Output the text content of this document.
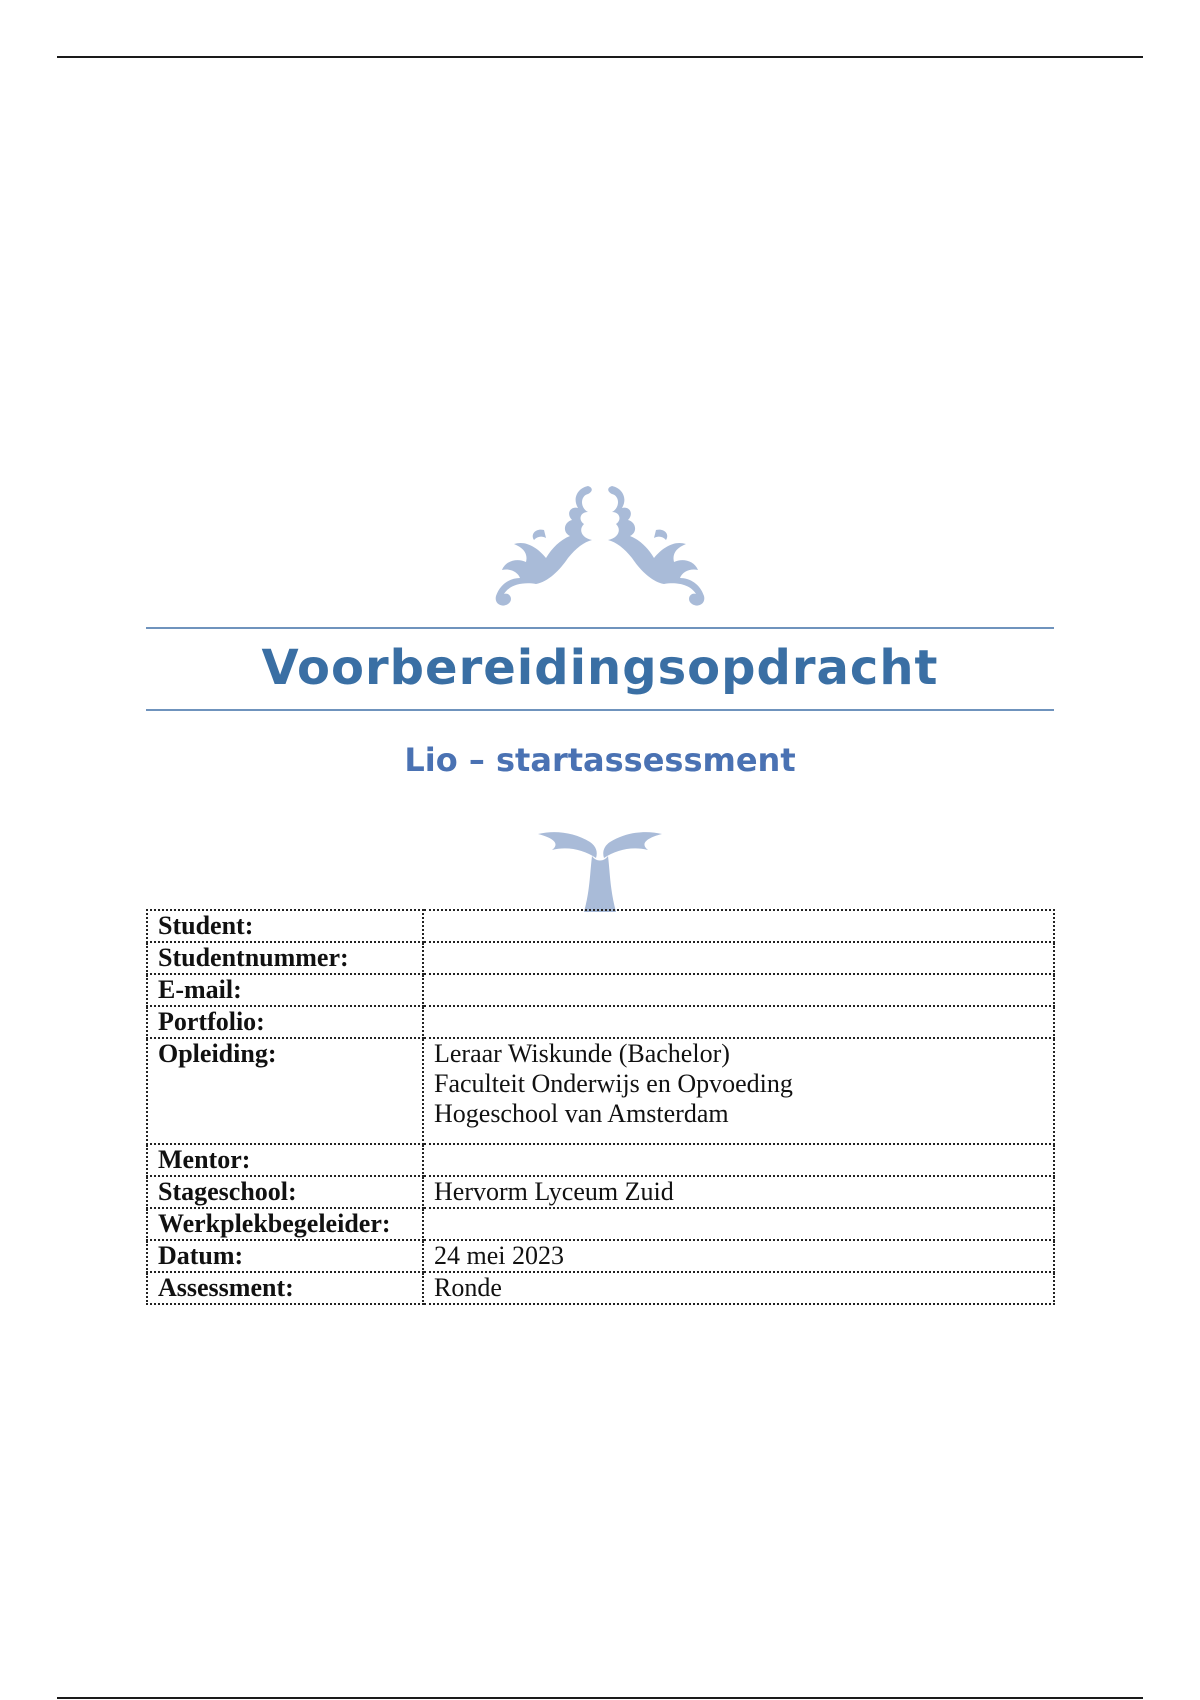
Voorbereidingsopdracht
Lio – startassessment
Student:	
Studentnummer:	
E-mail:	
Portfolio:	
Opleiding:	Leraar Wiskunde (Bachelor)
Faculteit Onderwijs en Opvoeding
Hogeschool van Amsterdam

Mentor:	
Stageschool:	Hervorm Lyceum Zuid

Werkplekbegeleider:	
Datum:	24 mei 2023

Assessment:	Ronde
